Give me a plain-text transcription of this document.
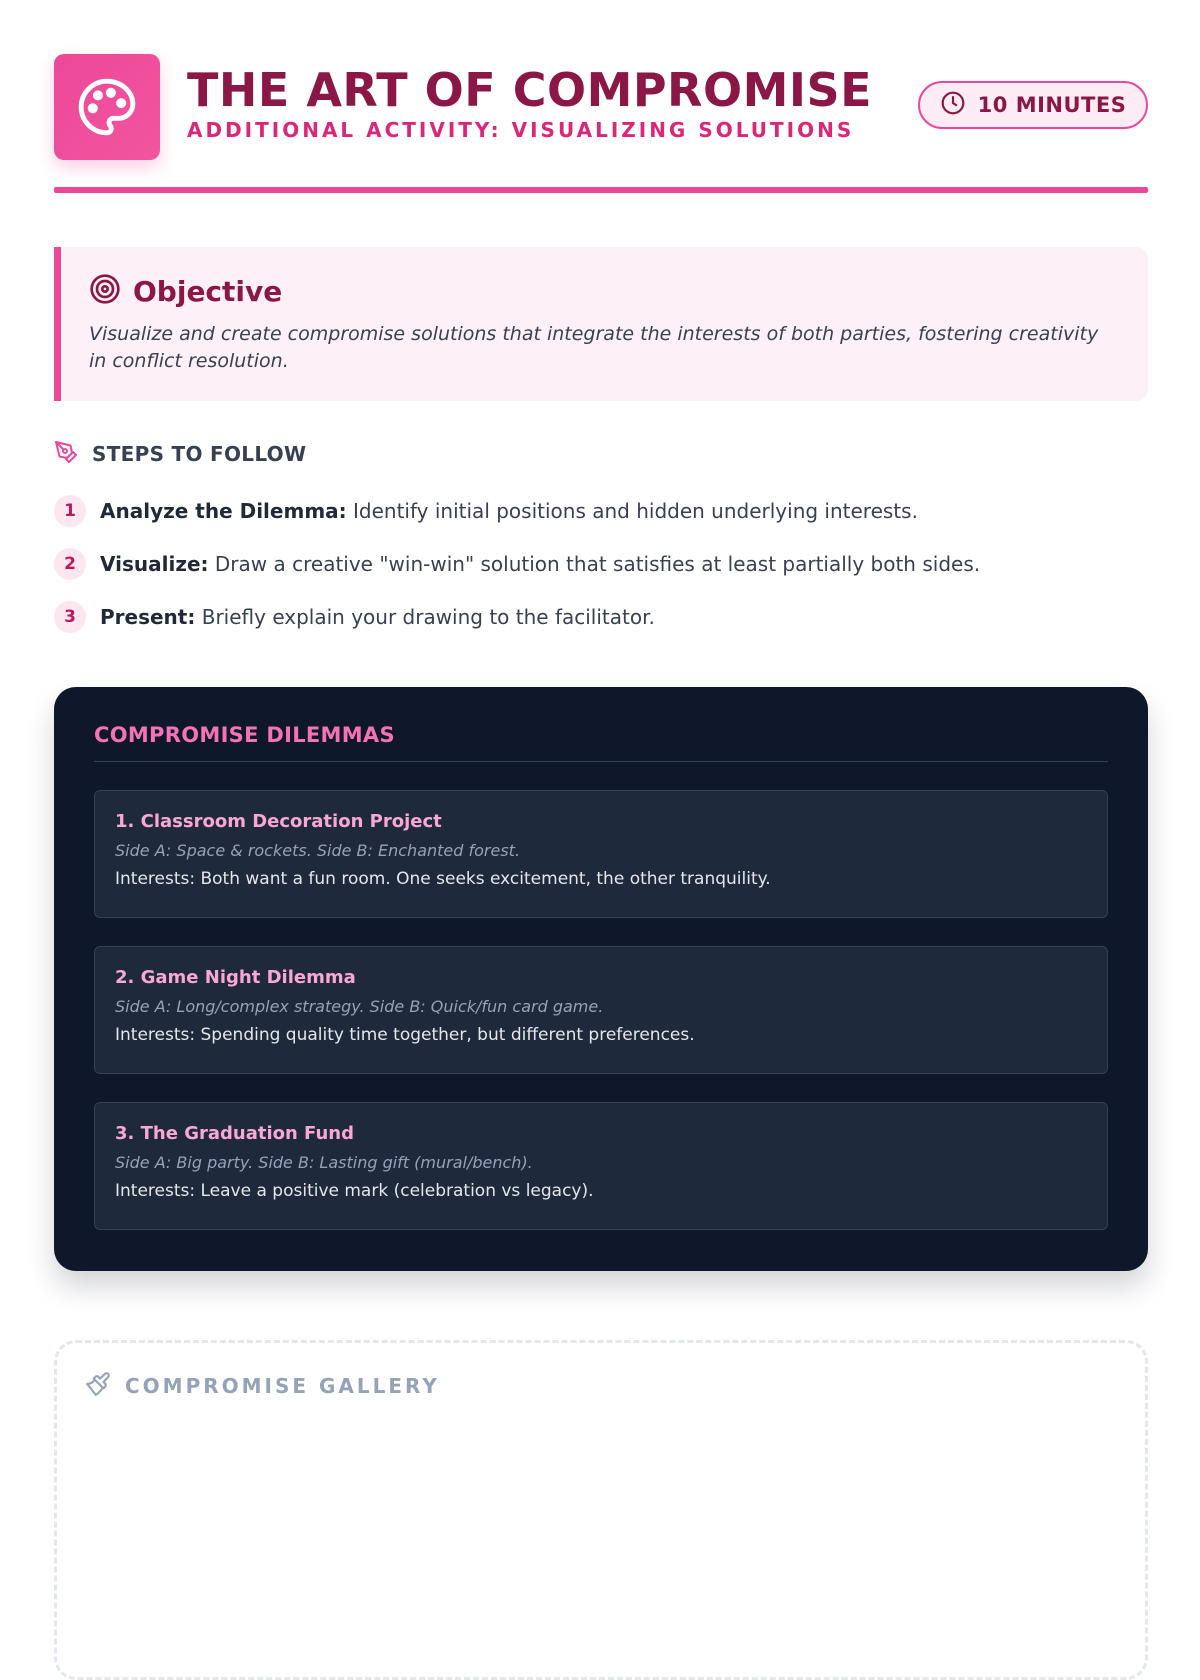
THE ART OF COMPROMISE
ADDITIONAL ACTIVITY: VISUALIZING SOLUTIONS
10 MINUTES
Objective
Visualize and create compromise solutions that integrate the interests of both parties, fostering creativity in conflict resolution.
STEPS TO FOLLOW
1	Analyze the Dilemma: Identify initial positions and hidden underlying interests.
2	Visualize: Draw a creative "win-win" solution that satisfies at least partially both sides.
3	Present: Briefly explain your drawing to the facilitator.
COMPROMISE DILEMMAS
1. Classroom Decoration Project
Side A: Space & rockets. Side B: Enchanted forest.
Interests: Both want a fun room. One seeks excitement, the other tranquility.
2. Game Night Dilemma
Side A: Long/complex strategy. Side B: Quick/fun card game.
Interests: Spending quality time together, but different preferences.
3. The Graduation Fund
Side A: Big party. Side B: Lasting gift (mural/bench).
Interests: Leave a positive mark (celebration vs legacy).
COMPROMISE GALLERY
